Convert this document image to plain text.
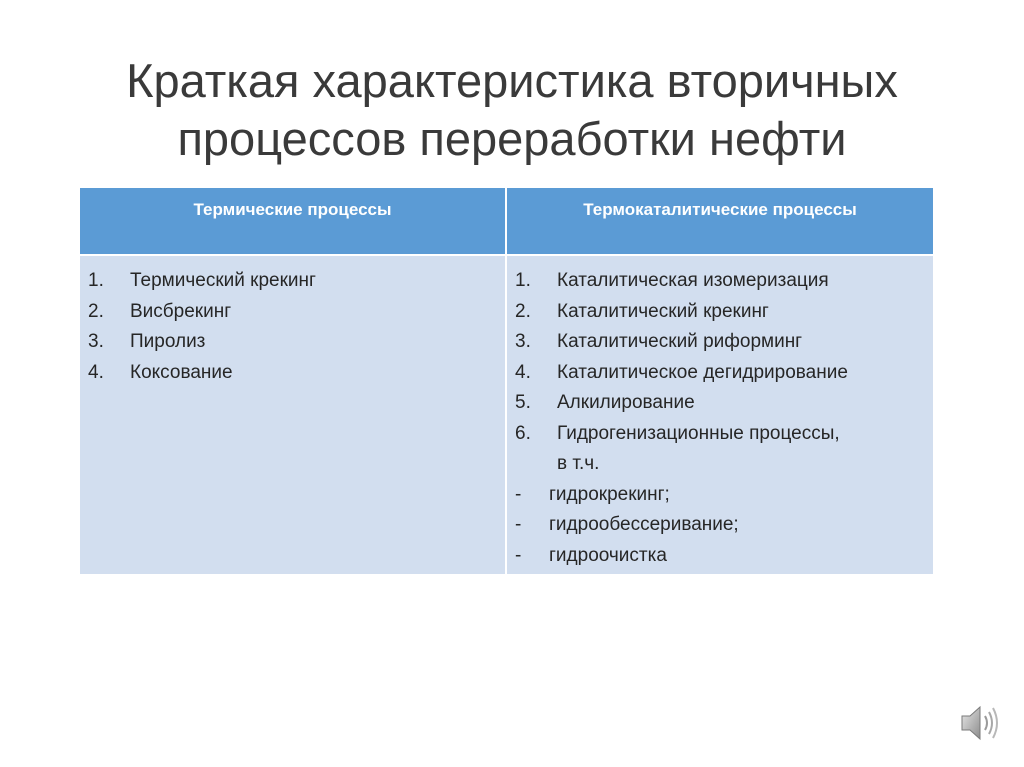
Краткая характеристика вторичных
процессов переработки нефти
Термические процессы	Термокаталитические процессы
1.	Термический крекинг
2.	Висбрекинг
3.	Пиролиз
4.	Коксование
1.	Каталитическая изомеризация
2.	Каталитический крекинг
3.	Каталитический риформинг
4.	Каталитическое дегидрирование
5.	Алкилирование
6.	Гидрогенизационные процессы,
в т.ч.
-	гидрокрекинг;
-	гидрообессеривание;
-	гидроочистка
